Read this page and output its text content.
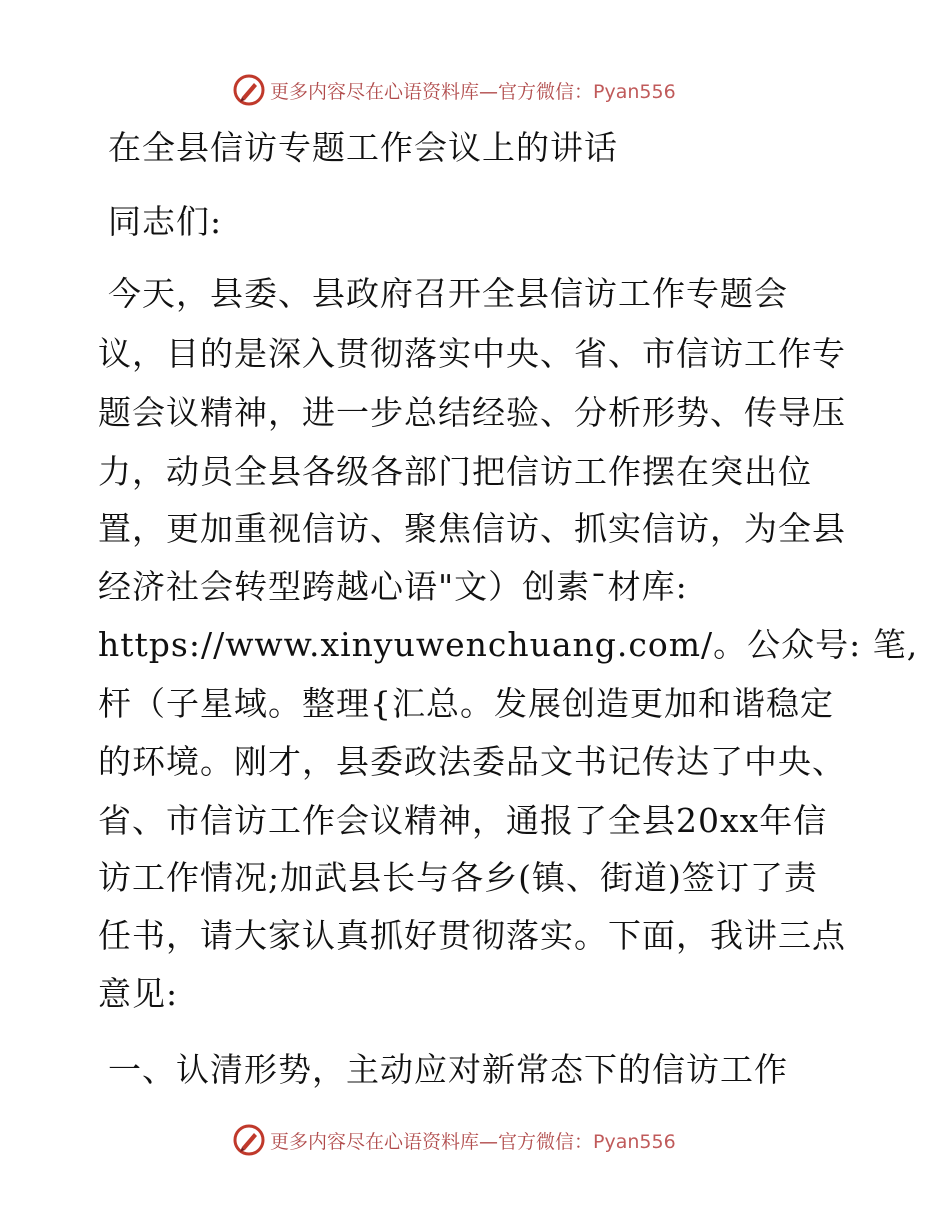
更多内容尽在心语资料库—官方微信：Pyan556
在全县信访专题工作会议上的讲话
同志们:
今天，县委、县政府召开全县信访工作专题会
议，目的是深入贯彻落实中央、省、市信访工作专
题会议精神，进一步总结经验、分析形势、传导压
力，动员全县各级各部门把信访工作摆在突出位
置，更加重视信访、聚焦信访、抓实信访，为全县
经济社会转型跨越心语"文）创素¯材库:
https://www.xinyuwenchuang.com/。公众号: 笔,
杆（子星域。整理{汇总。发展创造更加和谐稳定
的环境。刚才，县委政法委品文书记传达了中央、
省、市信访工作会议精神，通报了全县20xx年信
访工作情况;加武县长与各乡(镇、街道)签订了责
任书，请大家认真抓好贯彻落实。下面，我讲三点
意见:
一、认清形势，主动应对新常态下的信访工作
更多内容尽在心语资料库—官方微信：Pyan556
